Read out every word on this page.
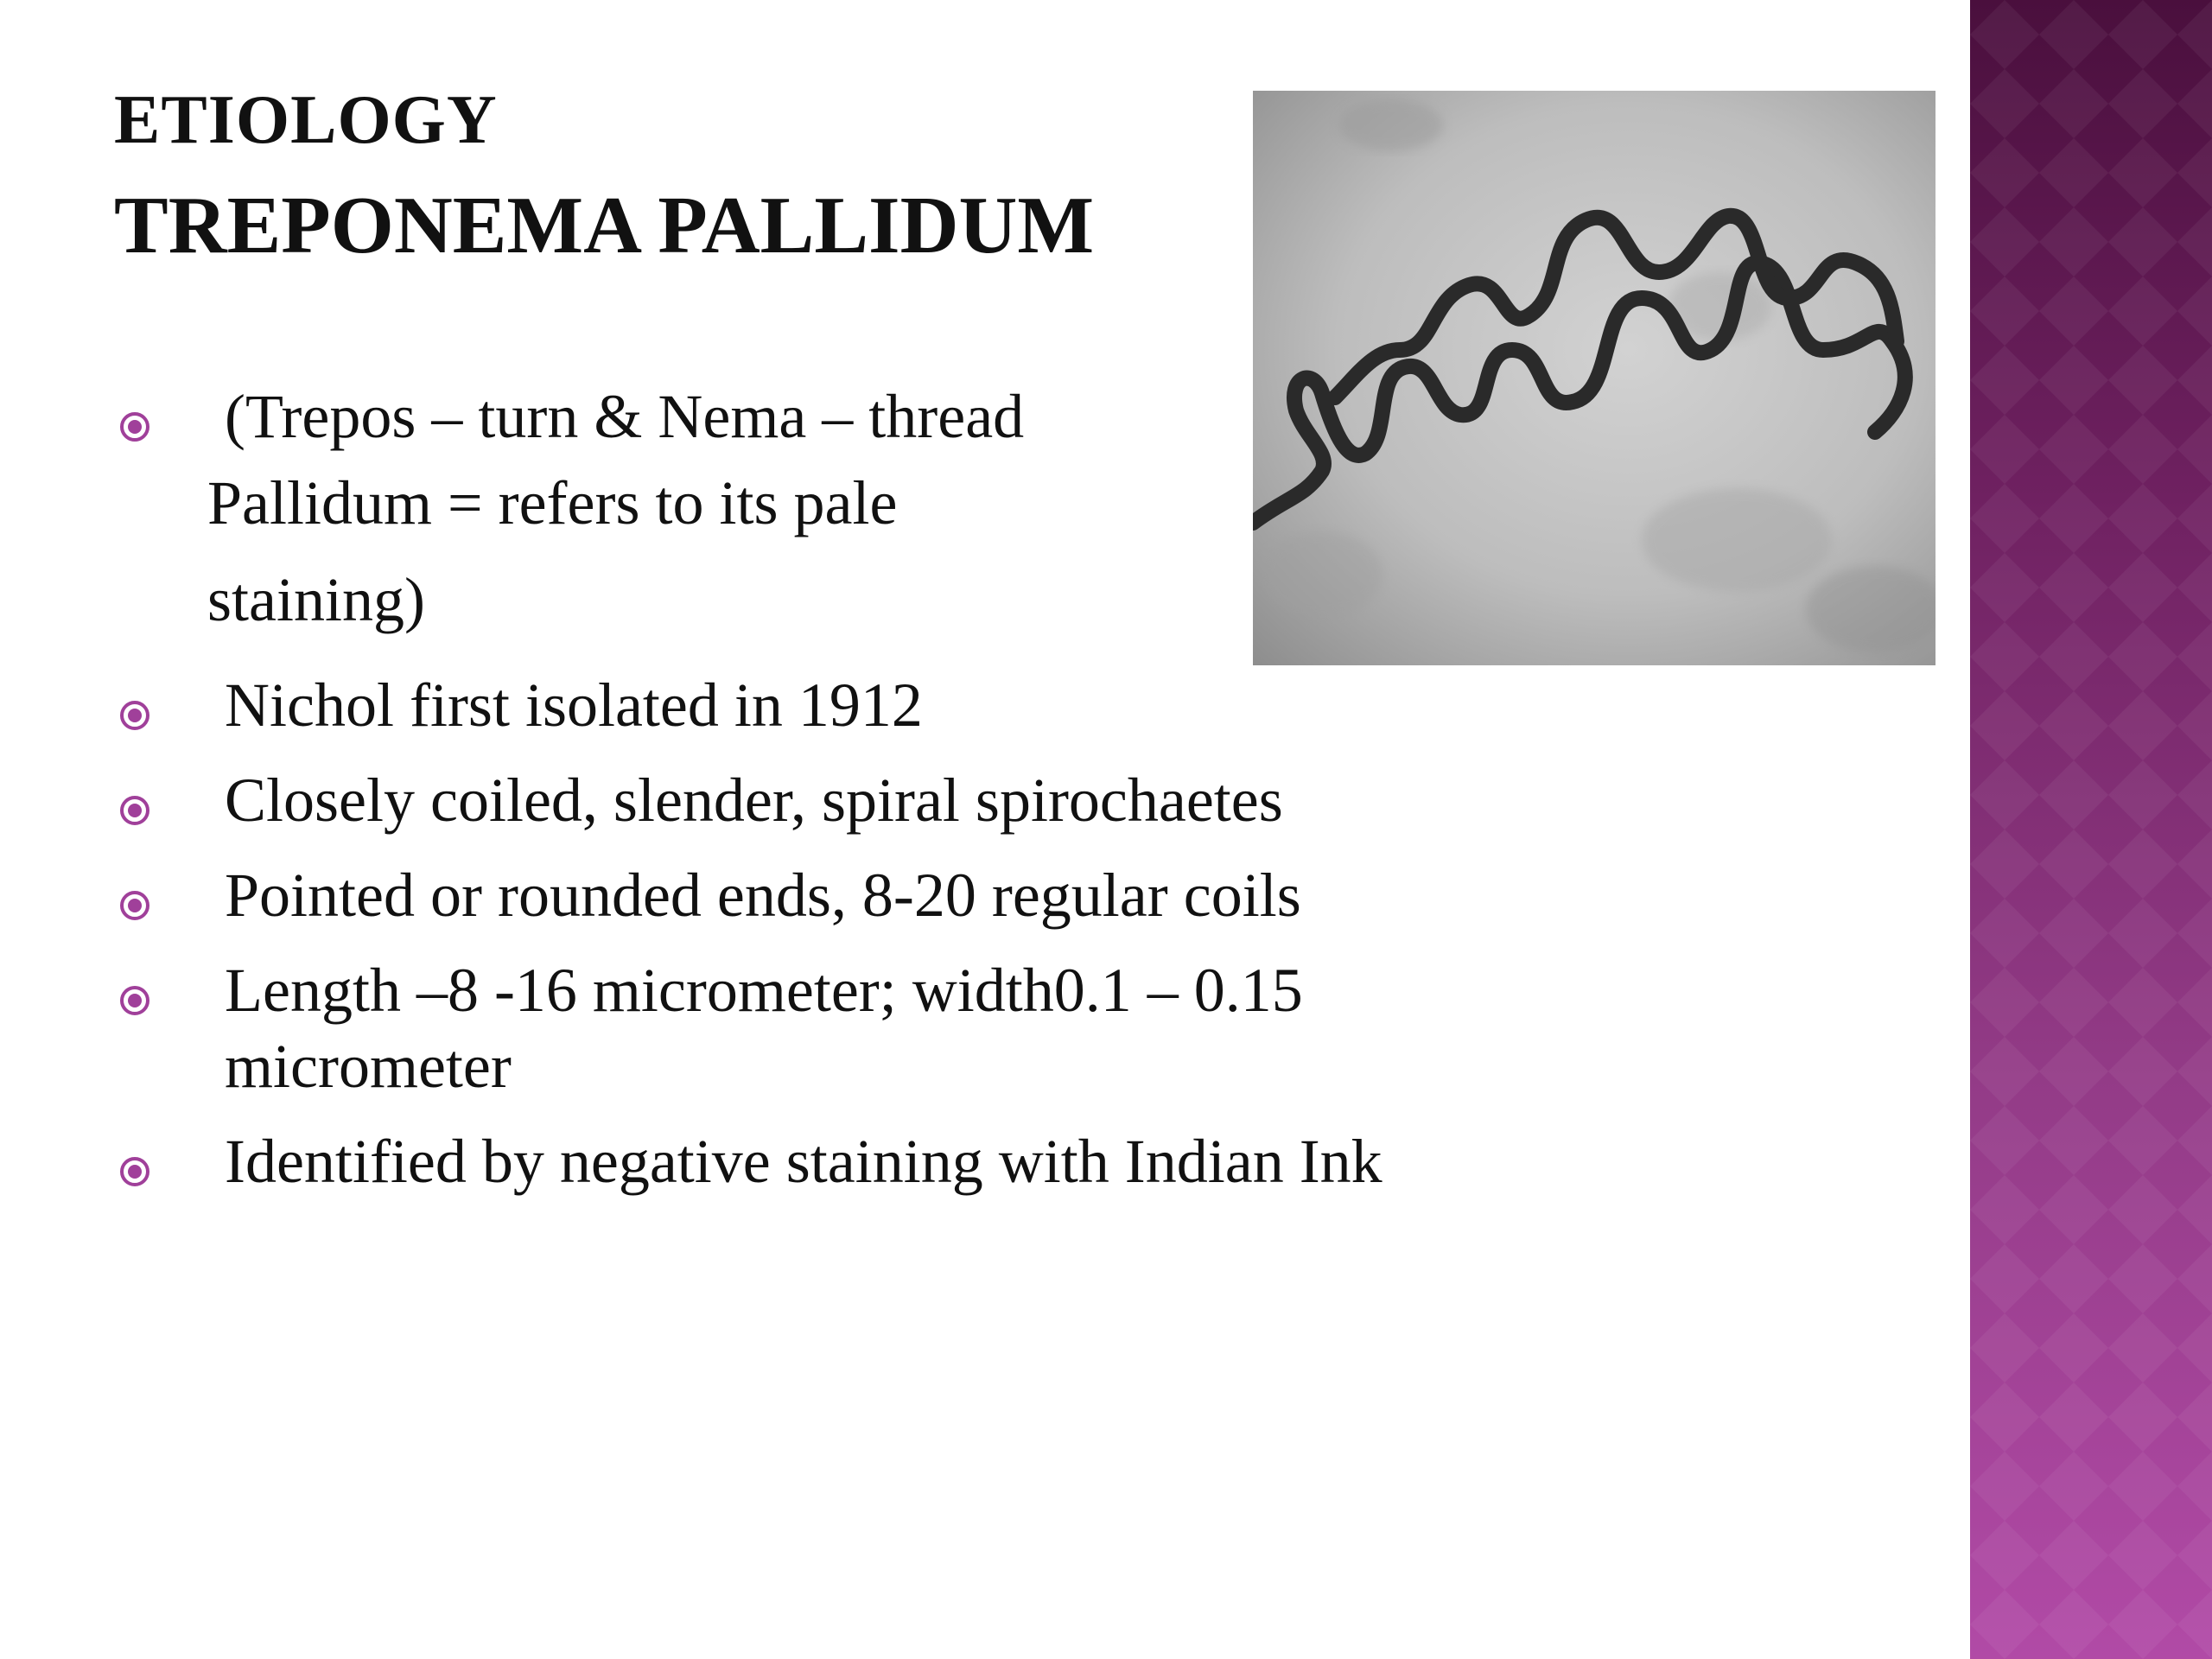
ETIOLOGY
TREPONEMA PALLIDUM
(Trepos – turn & Nema – thread
Pallidum = refers to its pale
staining)
Nichol first isolated in 1912
Closely coiled, slender, spiral spirochaetes
Pointed or rounded ends, 8-20 regular coils
Length –8 -16 micrometer; width0.1 – 0.15 micrometer
Identified by negative staining with Indian Ink
